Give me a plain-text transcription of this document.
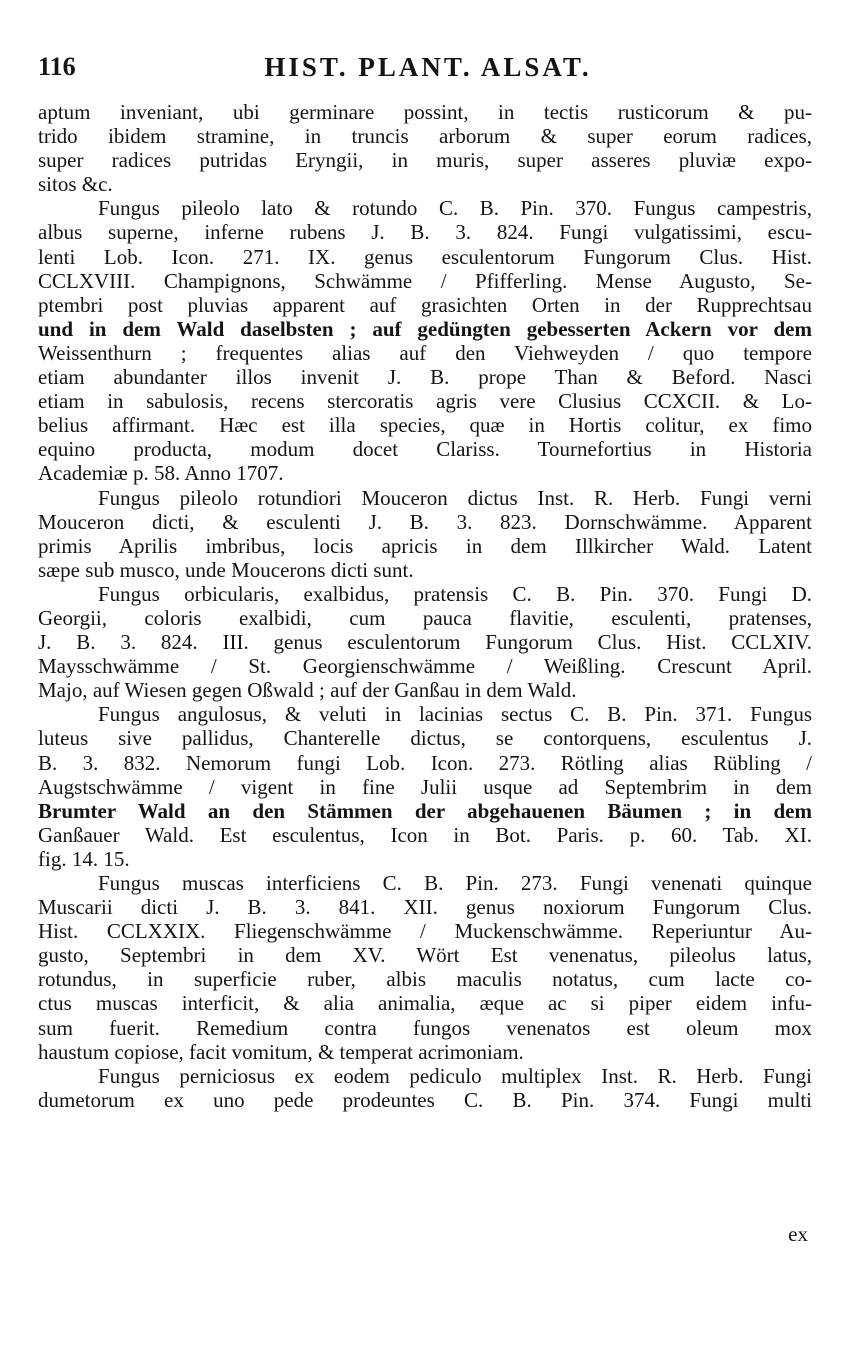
116	HIST. PLANT. ALSAT.
aptum inveniant, ubi germinare possint, in tectis rusticorum & pu-
trido ibidem stramine, in truncis arborum & super eorum radices,
super radices putridas Eryngii, in muris, super asseres pluviæ expo-
sitos &c.
Fungus pileolo lato & rotundo C. B. Pin. 370. Fungus campestris,
albus superne, inferne rubens J. B. 3. 824. Fungi vulgatissimi, escu-
lenti Lob. Icon. 271. IX. genus esculentorum Fungorum Clus. Hist.
CCLXVIII. Champignons, Schwämme / Pfifferling. Mense Augusto, Se-
ptembri post pluvias apparent auf grasichten Orten in der Rupprechtsau
und in dem Wald daselbsten ; auf gedüngten gebesserten Ackern vor dem
Weissenthurn ; frequentes alias auf den Viehweyden / quo tempore
etiam abundanter illos invenit J. B. prope Than & Beford. Nasci
etiam in sabulosis, recens stercoratis agris vere Clusius CCXCII. & Lo-
belius affirmant. Hæc est illa species, quæ in Hortis colitur, ex fimo
equino producta, modum docet Clariss. Tournefortius in Historia
Academiæ p. 58. Anno 1707.
Fungus pileolo rotundiori Mouceron dictus Inst. R. Herb. Fungi verni
Mouceron dicti, & esculenti J. B. 3. 823. Dornschwämme. Apparent
primis Aprilis imbribus, locis apricis in dem Illkircher Wald. Latent
sæpe sub musco, unde Moucerons dicti sunt.
Fungus orbicularis, exalbidus, pratensis C. B. Pin. 370. Fungi D.
Georgii, coloris exalbidi, cum pauca flavitie, esculenti, pratenses,
J. B. 3. 824. III. genus esculentorum Fungorum Clus. Hist. CCLXIV.
Maysschwämme / St. Georgienschwämme / Weißling. Crescunt April.
Majo, auf Wiesen gegen Oßwald ; auf der Ganßau in dem Wald.
Fungus angulosus, & veluti in lacinias sectus C. B. Pin. 371. Fungus
luteus sive pallidus, Chanterelle dictus, se contorquens, esculentus J.
B. 3. 832. Nemorum fungi Lob. Icon. 273. Rötling alias Rübling /
Augstschwämme / vigent in fine Julii usque ad Septembrim in dem
Brumter Wald an den Stämmen der abgehauenen Bäumen ; in dem
Ganßauer Wald. Est esculentus, Icon in Bot. Paris. p. 60. Tab. XI.
fig. 14. 15.
Fungus muscas interficiens C. B. Pin. 273. Fungi venenati quinque
Muscarii dicti J. B. 3. 841. XII. genus noxiorum Fungorum Clus.
Hist. CCLXXIX. Fliegenschwämme / Muckenschwämme. Reperiuntur Au-
gusto, Septembri in dem XV. Wört Est venenatus, pileolus latus,
rotundus, in superficie ruber, albis maculis notatus, cum lacte co-
ctus muscas interficit, & alia animalia, æque ac si piper eidem infu-
sum fuerit. Remedium contra fungos venenatos est oleum mox
haustum copiose, facit vomitum, & temperat acrimoniam.
Fungus perniciosus ex eodem pediculo multiplex Inst. R. Herb. Fungi
dumetorum ex uno pede prodeuntes C. B. Pin. 374. Fungi multi
ex
